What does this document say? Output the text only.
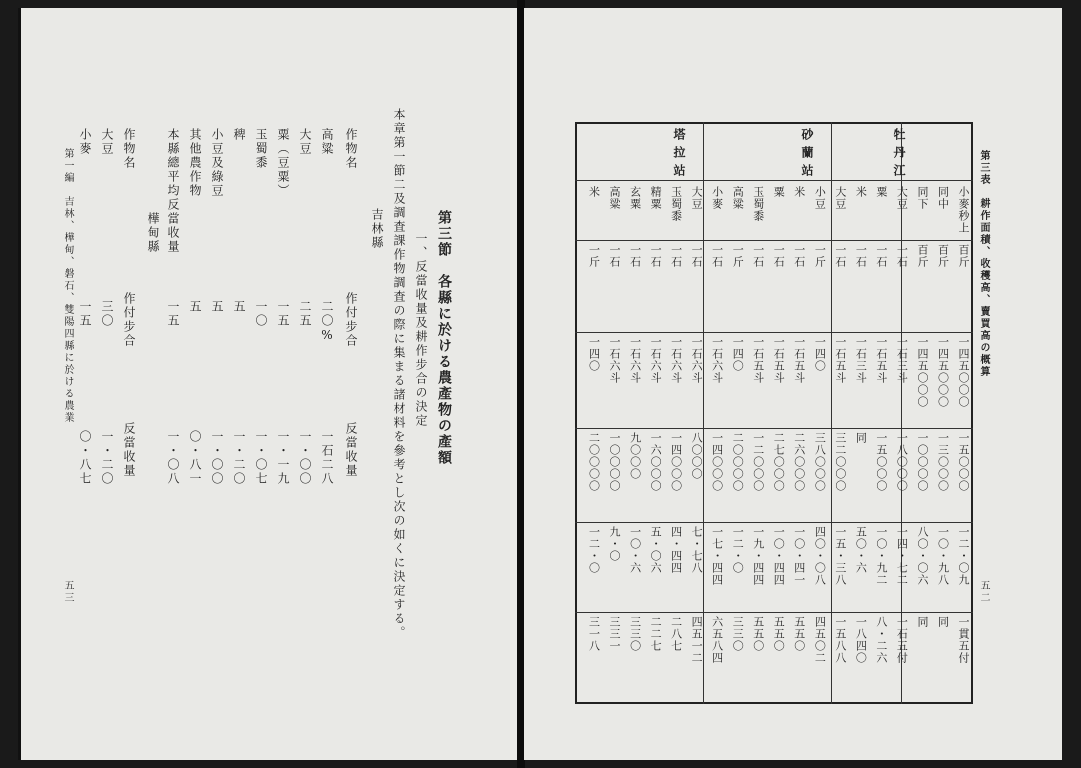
第三節　各縣に於ける農產物の產額
一、反當收量及耕作步合の決定
本章第一節二及調査課作物調査の際に集まる諸材料を參考とし次の如くに決定する。
吉林縣
作物名
作付步合
反當收量
高粱
二〇%
一石二八
大豆
二五
一・〇〇
粟（豆粟）
一五
一・一九
玉蜀黍
一〇
一・〇七
稗
五
一・二〇
小豆及綠豆
五
一・〇〇
其他農作物
五
〇・八一
本縣總平均反當收量
一五
一・〇八
樺甸縣
作物名
作付步合
反當收量
大豆
三〇
一・二〇
小麥
一五
〇・八七
第一編　吉林、樺甸、磐石、雙陽四縣に於ける農業
五三
第三表　耕作面積、收穫高、賣買高の概算
五二
牡丹江
砂蘭站
塔拉站
小麥秒上
同中
同下
大豆
粟
米
大豆
小豆
米
粟
玉蜀黍
高粱
小麥
大豆
玉蜀黍
精粟
玄粟
高粱
米
百斤
百斤
百斤
一石
一石
一石
一石
一斤
一石
一石
一石
一斤
一石
一石
一石
一石
一石
一石
一斤
一四五〇〇〇
一四五〇〇〇
一四五〇〇〇
一石三斗
一石五斗
一石三斗
一石五斗
一四〇
一石五斗
一石五斗
一石五斗
一四〇
一石六斗
一石六斗
一石六斗
一石六斗
一石六斗
一石六斗
一四〇
一五〇〇〇
一三〇〇〇
一〇〇〇〇
一八〇〇〇
一五〇〇〇
同
三二〇〇〇
三八〇〇〇
二六〇〇〇
二七〇〇〇
一二〇〇〇
二〇〇〇〇
一四〇〇〇
八〇〇〇
一四〇〇〇
一六〇〇〇
九〇〇〇
一〇〇〇〇
二〇〇〇〇
一二・〇九
一〇・九八
八〇・〇六
一四・七二
一〇・九二
五〇・六
一五・三八
四〇・〇八
一〇・四一
一〇・四四
一九・四四
一二・〇
一七・四四
七・七八
四・四四
五・〇六
一〇・六
九・〇
一二・〇
一貫五付
同
同
一石五付
八・二六
一八四〇
一五八八
四五〇二
五五〇
五五〇
五五〇
三三〇
六五八四
四五一二
二八七
二二七
三三〇
三三一
三一八
